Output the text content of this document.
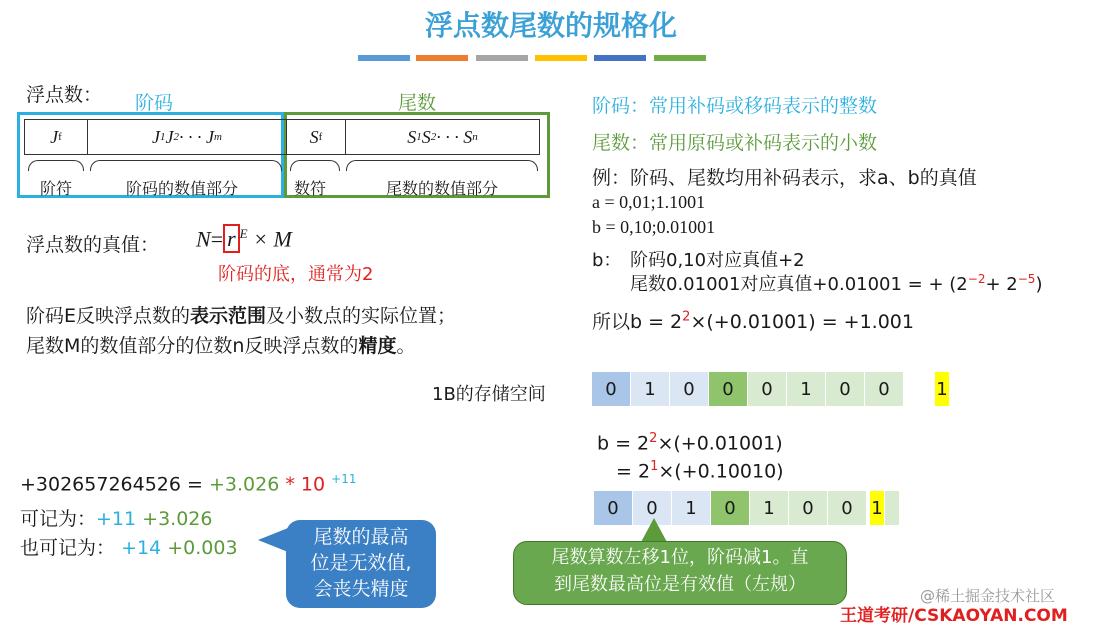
浮点数尾数的规格化
浮点数： 阶码	尾数
J f	J 1 J 2 · · · J m	S f	S 1 S 2 · · · S n
阶符	阶码的数值部分	数符	尾数的数值部分
浮点数的真值： N= r $^E$ × M
阶码的底，通常为2
阶码E反映浮点数的表示范围及小数点的实际位置；
尾数M的数值部分的位数n反映浮点数的精度。
+302657264526 = +3.026 * 10 $^{+11}$
可记为：+11 +3.026
也可记为： +14 +0.003	尾数的最高
位是无效值,
会丧失精度
阶码：常用补码或移码表示的整数
尾数：常用原码或补码表示的小数
例：阶码、尾数均用补码表示，求a、b的真值
a = 0,01;1.1001
b = 0,10;0.01001
b： 阶码0,10对应真值+2
尾数0.01001对应真值+0.01001 = + $(2^{-2}+ 2^{-5})$
所以$b = 2^2\times(+0.01001) = +1.001$
1B的存储空间	0	1	0	0	0	1	0	0	1
$b = 2^2\times(+0.01001)$
= $2^1\times(+0.10010)$
0	0	1	0	1	0	0	1
尾数算数左移1位，阶码减1。直
到尾数最高位是有效值（左规）
@稀土掘金技术社区
王道考研/CSKAOYAN.COM
